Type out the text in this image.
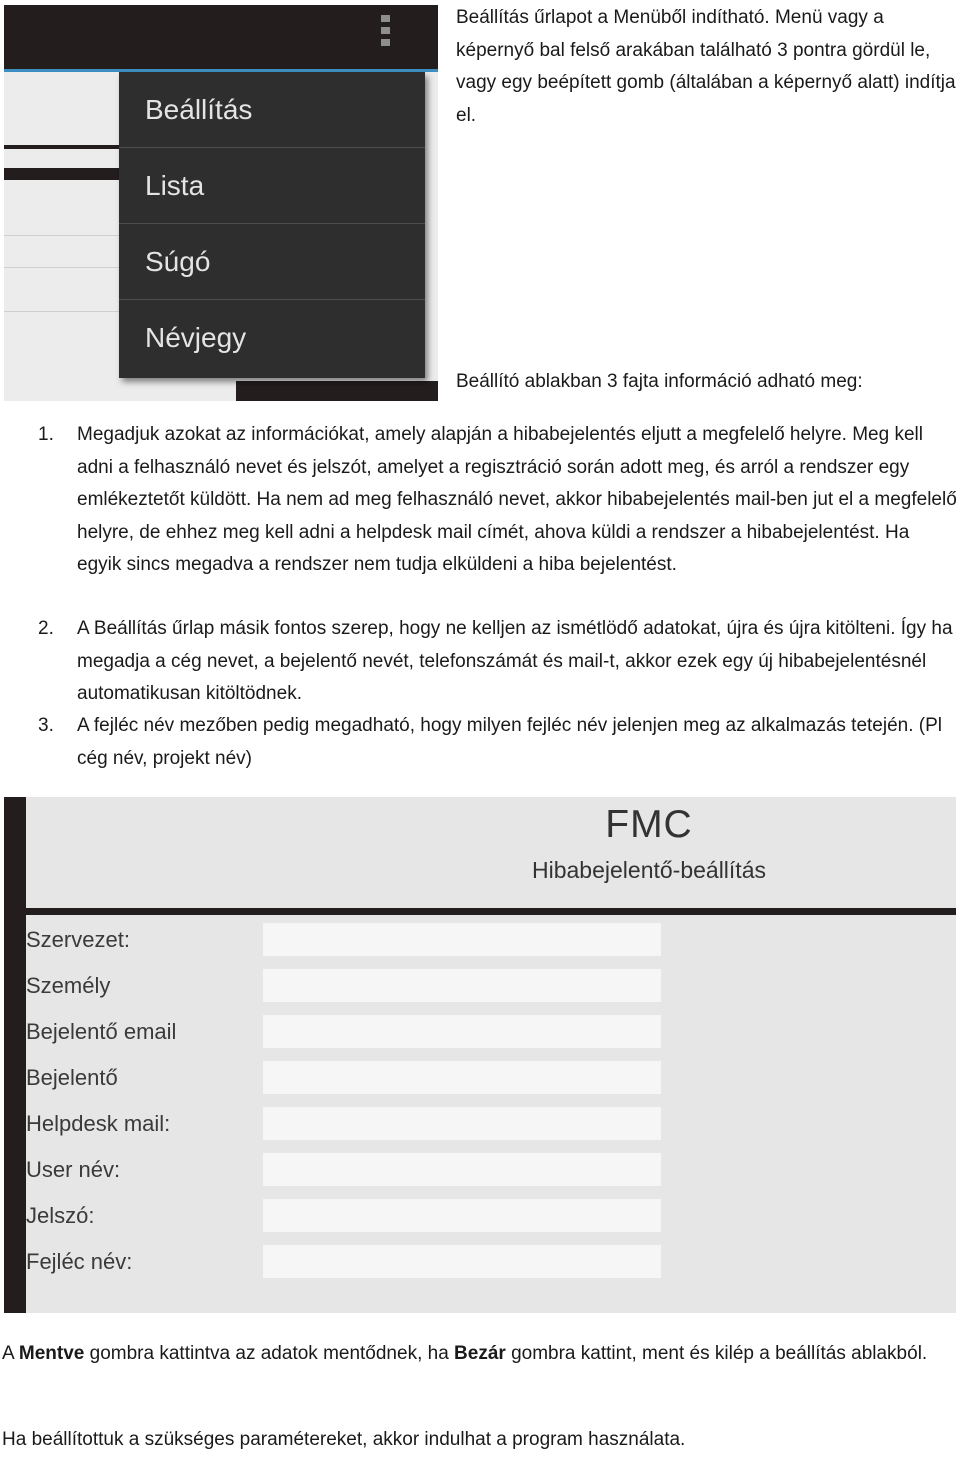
Beállítás
Lista
Súgó
Névjegy
Beállítás űrlapot a Menüből indítható. Menü vagy a képernyő bal felső arakában található 3 pontra gördül le, vagy egy beépített gomb (általában a képernyő alatt) indítja el.
Beállító ablakban 3 fajta információ adható meg:
1.	Megadjuk azokat az információkat, amely alapján a hibabejelentés eljutt a megfelelő helyre. Meg kell adni a felhasználó nevet és jelszót, amelyet a regisztráció során adott meg, és arról a rendszer egy emlékeztetőt küldött. Ha nem ad meg felhasználó nevet, akkor hibabejelentés mail-ben jut el a megfelelő helyre, de ehhez meg kell adni a helpdesk mail címét, ahova küldi a rendszer a hibabejelentést. Ha egyik sincs megadva a rendszer nem tudja elküldeni a hiba bejelentést.
2.	A Beállítás űrlap másik fontos szerep, hogy ne kelljen az ismétlödő adatokat, újra és újra kitölteni. Így ha megadja a cég nevet, a bejelentő nevét, telefonszámát és mail-t, akkor ezek egy új hibabejelentésnél automatikusan kitöltödnek.
3.	A fejléc név mezőben pedig megadható, hogy milyen fejléc név jelenjen meg az alkalmazás tetején. (Pl cég név, projekt név)
FMC
Hibabejelentő-beállítás
Szervezet:
Személy
Bejelentő email
Bejelentő
Helpdesk mail:
User név:
Jelszó:
Fejléc név:
A Mentve gombra kattintva az adatok mentődnek, ha Bezár gombra kattint, ment és kilép a beállítás ablakból.
Ha beállítottuk a szükséges paramétereket, akkor indulhat a program használata.
